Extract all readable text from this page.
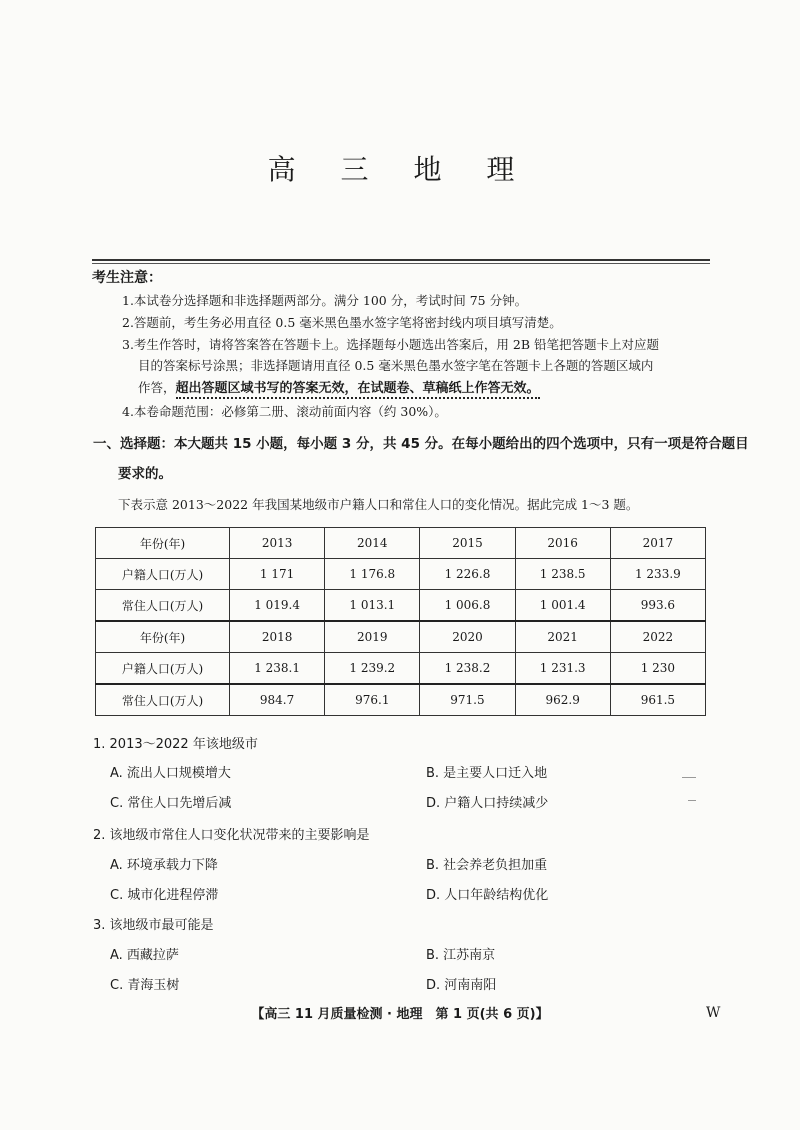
高 三 地 理
考生注意：
1.本试卷分选择题和非选择题两部分。满分 100 分，考试时间 75 分钟。
2.答题前，考生务必用直径 0.5 毫米黑色墨水签字笔将密封线内项目填写清楚。
3.考生作答时，请将答案答在答题卡上。选择题每小题选出答案后，用 2B 铅笔把答题卡上对应题
目的答案标号涂黑；非选择题请用直径 0.5 毫米黑色墨水签字笔在答题卡上各题的答题区域内
作答，超出答题区域书写的答案无效，在试题卷、草稿纸上作答无效。
4.本卷命题范围：必修第二册、滚动前面内容（约 30%）。
一、选择题：本大题共 15 小题，每小题 3 分，共 45 分。在每小题给出的四个选项中，只有一项是符合题目
要求的。
下表示意 2013～2022 年我国某地级市户籍人口和常住人口的变化情况。据此完成 1～3 题。
年份(年)	2013	2014	2015	2016	2017
户籍人口(万人)	1 171	1 176.8	1 226.8	1 238.5	1 233.9
常住人口(万人)	1 019.4	1 013.1	1 006.8	1 001.4	993.6
年份(年)	2018	2019	2020	2021	2022
户籍人口(万人)	1 238.1	1 239.2	1 238.2	1 231.3	1 230
常住人口(万人)	984.7	976.1	971.5	962.9	961.5
1. 2013～2022 年该地级市
A. 流出人口规模增大	B. 是主要人口迁入地
C. 常住人口先增后减	D. 户籍人口持续减少
2. 该地级市常住人口变化状况带来的主要影响是
A. 环境承载力下降	B. 社会养老负担加重
C. 城市化进程停滞	D. 人口年龄结构优化
3. 该地级市最可能是
A. 西藏拉萨	B. 江苏南京
C. 青海玉树	D. 河南南阳
【高三 11 月质量检测 · 地理　第 1 页(共 6 页)】	W
